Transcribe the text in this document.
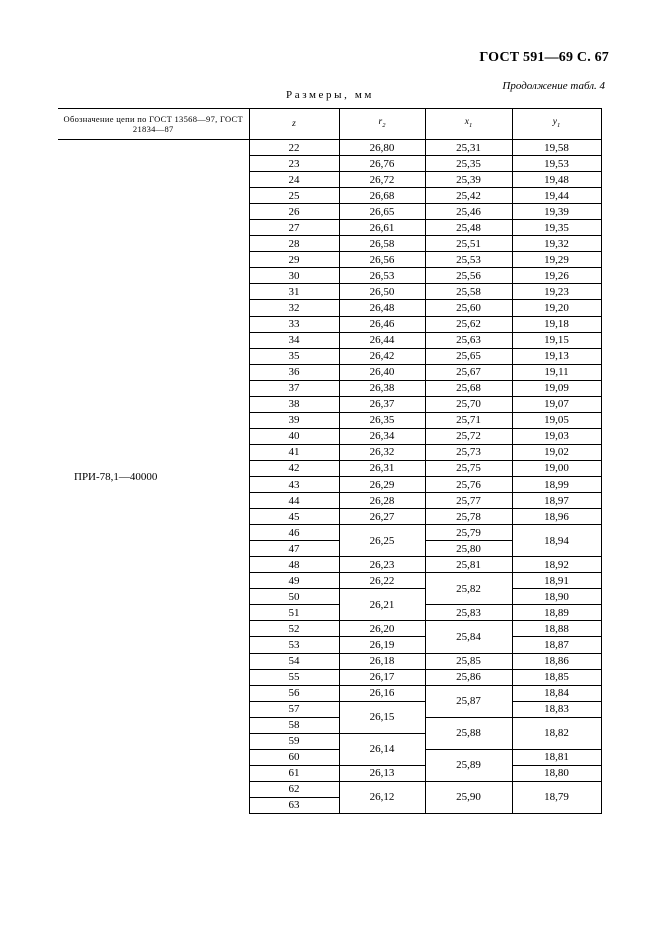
ГОСТ 591—69 С. 67
Продолжение табл. 4
Размеры, мм
Обозначение цепи по ГОСТ 13568—97, ГОСТ 21834—87	z	$r_2$	$x_1$	$y_1$
ПРИ-78,1—40000	22	26,80	25,31	19,58
	23	26,76	25,35	19,53
	24	26,72	25,39	19,48
	25	26,68	25,42	19,44
	26	26,65	25,46	19,39
	27	26,61	25,48	19,35
	28	26,58	25,51	19,32
	29	26,56	25,53	19,29
	30	26,53	25,56	19,26
	31	26,50	25,58	19,23
	32	26,48	25,60	19,20
	33	26,46	25,62	19,18
	34	26,44	25,63	19,15
	35	26,42	25,65	19,13
	36	26,40	25,67	19,11
	37	26,38	25,68	19,09
	38	26,37	25,70	19,07
	39	26,35	25,71	19,05
	40	26,34	25,72	19,03
	41	26,32	25,73	19,02
	42	26,31	25,75	19,00
	43	26,29	25,76	18,99
	44	26,28	25,77	18,97
	45	26,27	25,78	18,96
	46	26,25	25,79	18,94
	47		25,80	
	48	26,23	25,81	18,92
	49	26,22	25,82	18,91
	50	26,21		18,90
	51		25,83	18,89
	52	26,20	25,84	18,88
	53	26,19		18,87
	54	26,18	25,85	18,86
	55	26,17	25,86	18,85
	56	26,16	25,87	18,84
	57	26,15		18,83
	58		25,88	18,82
	59	26,14		
	60		25,89	18,81
	61	26,13		18,80
	62	26,12	25,90	18,79
	63			
